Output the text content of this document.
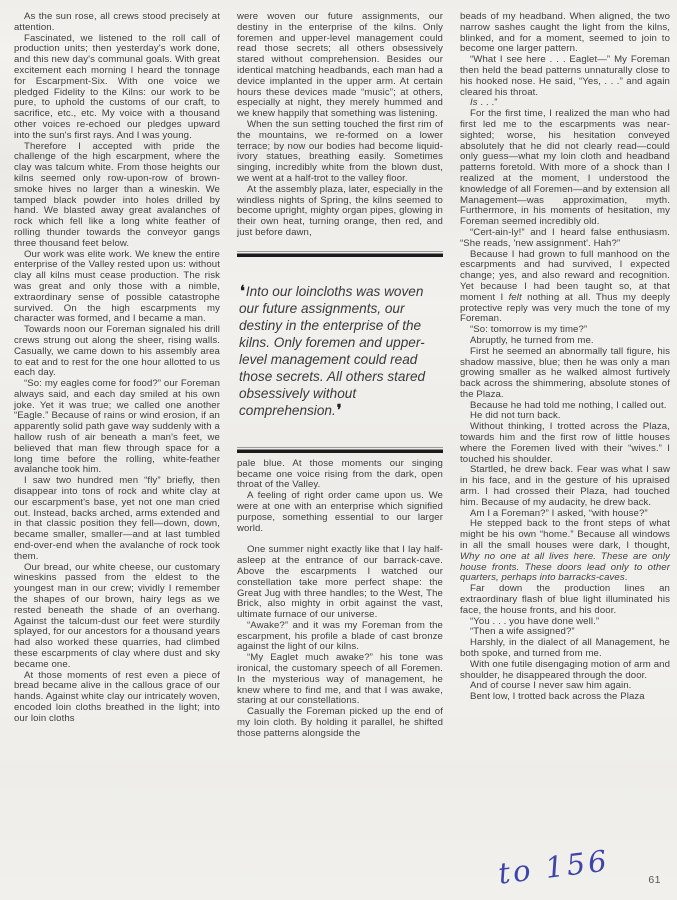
As the sun rose, all crews stood precisely at attention.

Fascinated, we listened to the roll call of production units; then yesterday's work done, and this new day's communal goals. With great excitement each morning I heard the tonnage for Escarpment-Six. With one voice we pledged Fidelity to the Kilns: our work to be pure, to uphold the customs of our craft, to sacrifice, etc., etc. My voice with a thousand other voices re-echoed our pledges upward into the sun's first rays. And I was young.

Therefore I accepted with pride the challenge of the high escarpment, where the clay was talcum white. From those heights our kilns seemed only row-upon-row of brown-smoke hives no larger than a wineskin. We tamped black powder into holes drilled by hand. We blasted away great avalanches of rock which fell like a long white feather of rolling thunder towards the conveyor gangs three thousand feet below.

Our work was elite work. We knew the entire enterprise of the Valley rested upon us: without clay all kilns must cease production. The risk was great and only those with a nimble, extraordinary sense of possible catastrophe survived. On the high escarpments my character was formed, and I became a man.

Towards noon our Foreman signaled his drill crews strung out along the sheer, rising walls. Casually, we came down to his assembly area to eat and to rest for the one hour allotted to us each day.

“So: my eagles come for food?” our Foreman always said, and each day smiled at his own joke. Yet it was true; we called one another “Eagle.” Because of rains or wind erosion, if an apparently solid path gave way suddenly with a hallow rush of air beneath a man's feet, we believed that man flew through space for a long time before the rolling, white-feather avalanche took him.

I saw two hundred men “fly” briefly, then disappear into tons of rock and white clay at our escarpment's base, yet not one man cried out. Instead, backs arched, arms extended and in that classic position they fell—down, down, became smaller, smaller—and at last tumbled end-over-end when the avalanche of rock took them.

Our bread, our white cheese, our customary wineskins passed from the eldest to the youngest man in our crew; vividly I remember the shapes of our brown, hairy legs as we rested beneath the shade of an overhang. Against the talcum-dust our feet were sturdily splayed, for our ancestors for a thousand years had also worked these quarries, had climbed these escarpments of clay where dust and sky became one.

At those moments of rest even a piece of bread became alive in the callous grace of our hands. Against white clay our intricately woven, encoded loin cloths breathed in the light; into our loin cloths

were woven our future assignments, our destiny in the enterprise of the kilns. Only foremen and upper-level management could read those secrets; all others obsessively stared without comprehension. Besides our identical matching headbands, each man had a device implanted in the upper arm. At certain hours these devices made “music”; at others, especially at night, they merely hummed and we knew happily that something was listening.

When the sun setting touched the first rim of the mountains, we re-formed on a lower terrace; by now our bodies had become liquid-ivory statues, breathing easily. Sometimes singing, incredibly white from the blown dust, we went at a half-trot to the valley floor.

At the assembly plaza, later, especially in the windless nights of Spring, the kilns seemed to become upright, mighty organ pipes, glowing in their own heat, turning orange, then red, and just before dawn,

❛Into our loincloths was woven our future assignments, our destiny in the enterprise of the kilns. Only foremen and upper-level management could read those secrets. All others stared obsessively without comprehension.❜

pale blue. At those moments our singing became one voice rising from the dark, open throat of the Valley.

A feeling of right order came upon us. We were at one with an enterprise which signified purpose, something essential to our larger world.

One summer night exactly like that I lay half-asleep at the entrance of our barrack-cave. Above the escarpments I watched our constellation take more perfect shape: the Great Jug with three handles; to the West, The Brick, also mighty in orbit against the vast, ultimate furnace of our universe.

“Awake?” and it was my Foreman from the escarpment, his profile a blade of cast bronze against the light of our kilns.

“My Eaglet much awake?” his tone was ironical, the customary speech of all Foremen. In the mysterious way of management, he knew where to find me, and that I was awake, staring at our constellations.

Casually the Foreman picked up the end of my loin cloth. By holding it parallel, he shifted those patterns alongside the

beads of my headband. When aligned, the two narrow sashes caught the light from the kilns, blinked, and for a moment, seemed to join to become one larger pattern.

“What I see here . . . Eaglet—” My Foreman then held the bead patterns unnaturally close to his hooked nose. He said, “Yes, . . .” and again cleared his throat.

Is . . .”

For the first time, I realized the man who had first led me to the escarpments was near-sighted; worse, his hesitation conveyed absolutely that he did not clearly read—could only guess—what my loin cloth and headband patterns foretold. With more of a shock than I realized at the moment, I understood the knowledge of all Foremen—and by extension all Management—was approximation, myth. Furthermore, in his moments of hesitation, my Foreman seemed incredibly old.

“Cert-ain-ly!” and I heard false enthusiasm. “She reads, 'new assignment'. Hah?”

Because I had grown to full manhood on the escarpments and had survived, I expected change; yes, and also reward and recognition. Yet because I had been taught so, at that moment I felt nothing at all. Thus my deeply protective reply was very much the tone of my Foreman.

“So: tomorrow is my time?”

Abruptly, he turned from me.

First he seemed an abnormally tall figure, his shadow massive, blue; then he was only a man growing smaller as he walked almost furtively back across the shimmering, absolute stones of the Plaza.

Because he had told me nothing, I called out.

He did not turn back.

Without thinking, I trotted across the Plaza, towards him and the first row of little houses where the Foremen lived with their “wives.” I touched his shoulder.

Startled, he drew back. Fear was what I saw in his face, and in the gesture of his upraised arm. I had crossed their Plaza, had touched him. Because of my audacity, he drew back.

Am I a Foreman?” I asked, “with house?”

He stepped back to the front steps of what might be his own “home.” Because all windows in all the small houses were dark, I thought, Why no one at all lives here. These are only house fronts. These doors lead only to other quarters, perhaps into barracks-caves.

Far down the production lines an extraordinary flash of blue light illuminated his face, the house fronts, and his door.

“You . . . you have done well.”

“Then a wife assigned?”

Harshly, in the dialect of all Management, he both spoke, and turned from me.

With one futile disengaging motion of arm and shoulder, he disappeared through the door.

And of course I never saw him again.

Bent low, I trotted back across the Plaza

to 156	61
